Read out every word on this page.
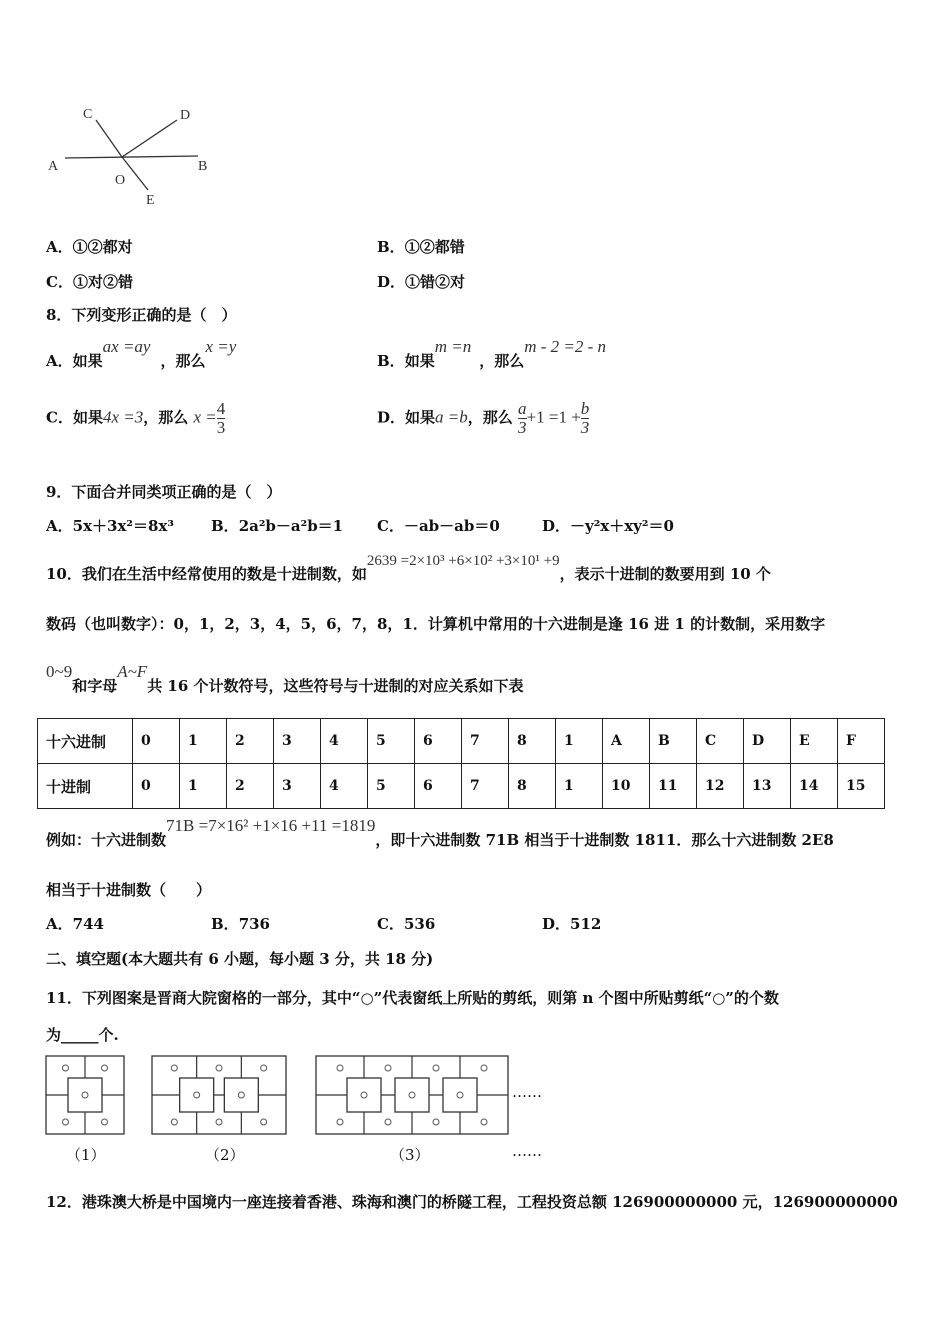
A	B
C	D
O
E
A．①②都对	B．①②都错
C．①对②错	D．①错②对
8．下列变形正确的是（　）
A．如果ax =ay，那么x =y
B．如果m =n，那么m - 2 =2 - n
C．如果4x =3，那么 $x = \frac{4}{3}$	D．如果a =b，那么 $\frac{a}{3} +1 =1 + \frac{b}{3}$
9．下面合并同类项正确的是（　）
A．5x＋3x²＝8x³ B．2a²b－a²b＝1 C．－ab－ab＝0	D．－y²x＋xy²＝0
10．我们在生活中经常使用的数是十进制数，如2639 =2×10³ +6×10² +3×10¹ +9，表示十进制的数要用到 10 个
数码（也叫数字）：0，1，2，3，4，5，6，7，8，1．计算机中常用的十六进制是逢 16 进 1 的计数制，采用数字
0~9和字母A~F共 16 个计数符号，这些符号与十进制的对应关系如下表
十六进制	0	1	2	3	4	5	6	7	8	1	A	B	C	D	E	F
十进制	0	1	2	3	4	5	6	7	8	1	10	11	12	13	14	15
例如：十六进制数71B =7×16² +1×16 +11 =1819，即十六进制数 71B 相当于十进制数 1811．那么十六进制数 2E8
相当于十进制数（　　）
A．744	B．736	C．536	D．512
二、填空题(本大题共有 6 小题，每小题 3 分，共 18 分)
11．下列图案是晋商大院窗格的一部分，其中“○”代表窗纸上所贴的剪纸，则第 n 个图中所贴剪纸“○”的个数
为_____个.
（1）	（2）	（3）
……
……
12．港珠澳大桥是中国境内一座连接着香港、珠海和澳门的桥隧工程，工程投资总额 126900000000 元，126900000000
